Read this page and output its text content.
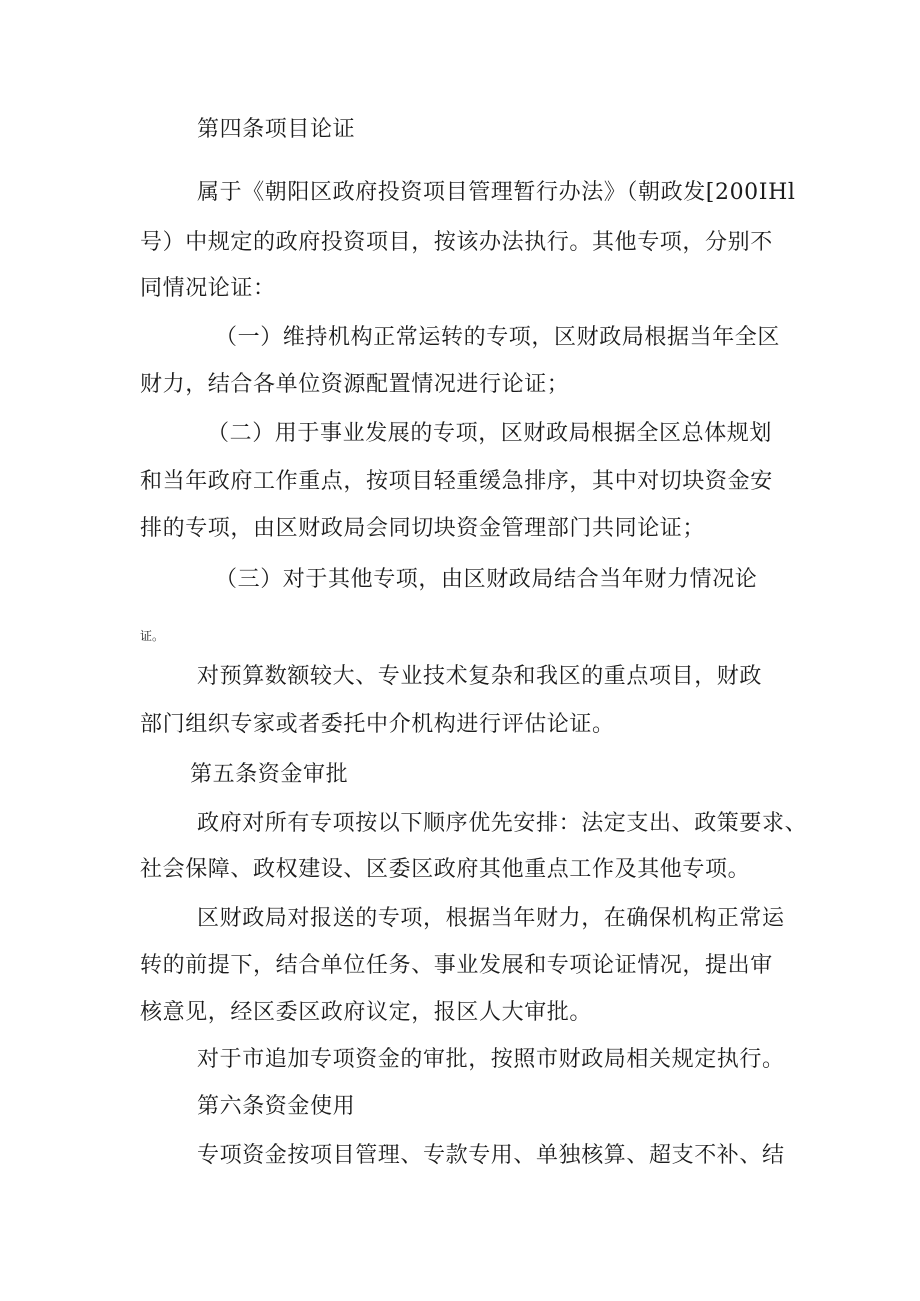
第四条项目论证
属于《朝阳区政府投资项目管理暂行办法》（朝政发[200IHl
号）中规定的政府投资项目，按该办法执行。其他专项，分别不
同情况论证：
（一）维持机构正常运转的专项，区财政局根据当年全区
财力，结合各单位资源配置情况进行论证；
（二）用于事业发展的专项，区财政局根据全区总体规划
和当年政府工作重点，按项目轻重缓急排序，其中对切块资金安
排的专项，由区财政局会同切块资金管理部门共同论证；
（三）对于其他专项，由区财政局结合当年财力情况论
证。
对预算数额较大、专业技术复杂和我区的重点项目，财政
部门组织专家或者委托中介机构进行评估论证。
第五条资金审批
政府对所有专项按以下顺序优先安排：法定支出、政策要求、
社会保障、政权建设、区委区政府其他重点工作及其他专项。
区财政局对报送的专项，根据当年财力，在确保机构正常运
转的前提下，结合单位任务、事业发展和专项论证情况，提出审
核意见，经区委区政府议定，报区人大审批。
对于市追加专项资金的审批，按照市财政局相关规定执行。
第六条资金使用
专项资金按项目管理、专款专用、单独核算、超支不补、结
